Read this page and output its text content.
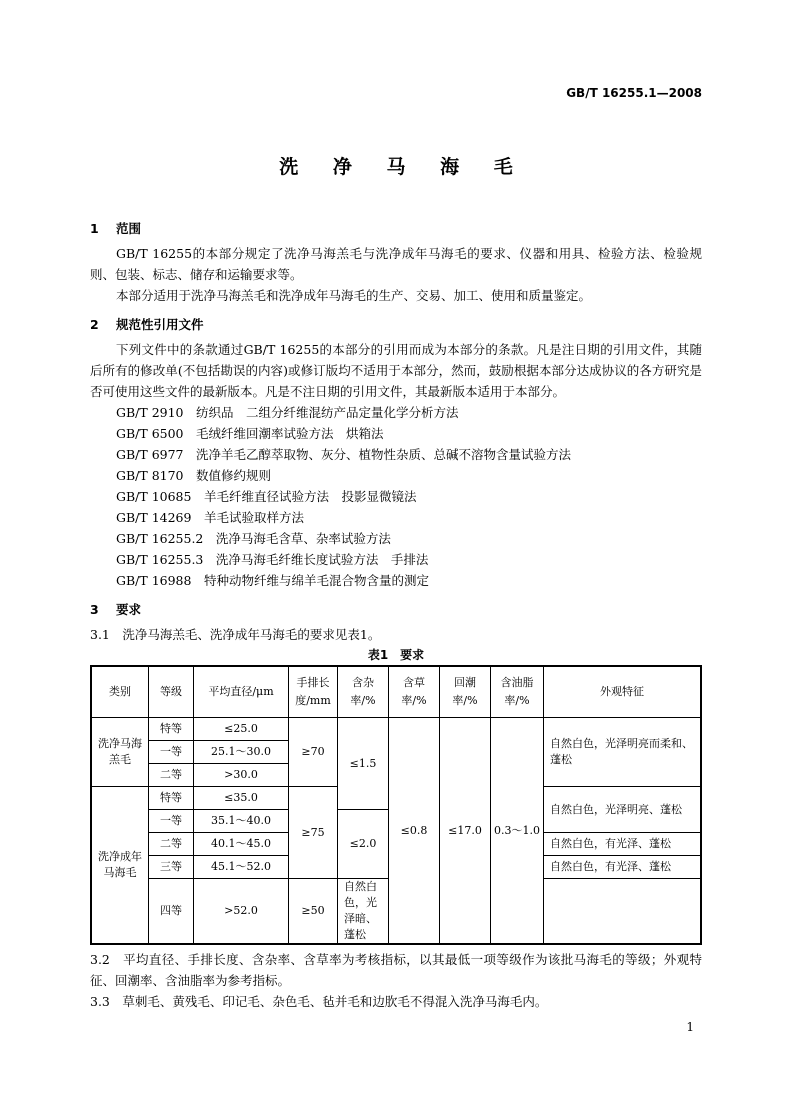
GB/T 16255.1—2008
洗 净 马 海 毛
1 范围

GB/T 16255的本部分规定了洗净马海羔毛与洗净成年马海毛的要求、仪器和用具、检验方法、检验规则、包装、标志、储存和运输要求等。

本部分适用于洗净马海羔毛和洗净成年马海毛的生产、交易、加工、使用和质量鉴定。

2 规范性引用文件

下列文件中的条款通过GB/T 16255的本部分的引用而成为本部分的条款。凡是注日期的引用文件，其随后所有的修改单(不包括勘误的内容)或修订版均不适用于本部分，然而，鼓励根据本部分达成协议的各方研究是否可使用这些文件的最新版本。凡是不注日期的引用文件，其最新版本适用于本部分。

GB/T 2910　 纺织品　二组分纤维混纺产品定量化学分析方法
GB/T 6500　 毛绒纤维回潮率试验方法　烘箱法
GB/T 6977　 洗净羊毛乙醇萃取物、灰分、植物性杂质、总碱不溶物含量试验方法
GB/T 8170　 数值修约规则
GB/T 10685　 羊毛纤维直径试验方法　投影显微镜法
GB/T 14269　 羊毛试验取样方法
GB/T 16255.2　 洗净马海毛含草、杂率试验方法
GB/T 16255.3　 洗净马海毛纤维长度试验方法　手排法
GB/T 16988　 特种动物纤维与绵羊毛混合物含量的测定
3 要求

3.1　 洗净马海羔毛、洗净成年马海毛的要求见表1。

表1　要求
类别	等级	平均直径/μm	手排长度/mm	含杂率/%	含草率/%	回潮率/%	含油脂率/%	外观特征
洗净马海羔毛	特等	≤25.0	≥70	≤1.5	≤0.8	≤17.0	0.3～1.0	自然白色，光泽明亮而柔和、蓬松
	一等	25.1～30.0						
	二等	>30.0						
洗净成年马海毛	特等	≤35.0	≥75					自然白色，光泽明亮、蓬松
	一等	35.1～40.0		≤2.0				
	二等	40.1～45.0						自然白色，有光泽、蓬松
	三等	45.1～52.0						自然白色，有光泽、蓬松
	四等	>52.0	≥50	自然白色，光泽暗、蓬松				

3.2　 平均直径、手排长度、含杂率、含草率为考核指标，以其最低一项等级作为该批马海毛的等级；外观特征、回潮率、含油脂率为参考指标。

3.3　 草刺毛、黄残毛、印记毛、杂色毛、毡并毛和边肷毛不得混入洗净马海毛内。

1
